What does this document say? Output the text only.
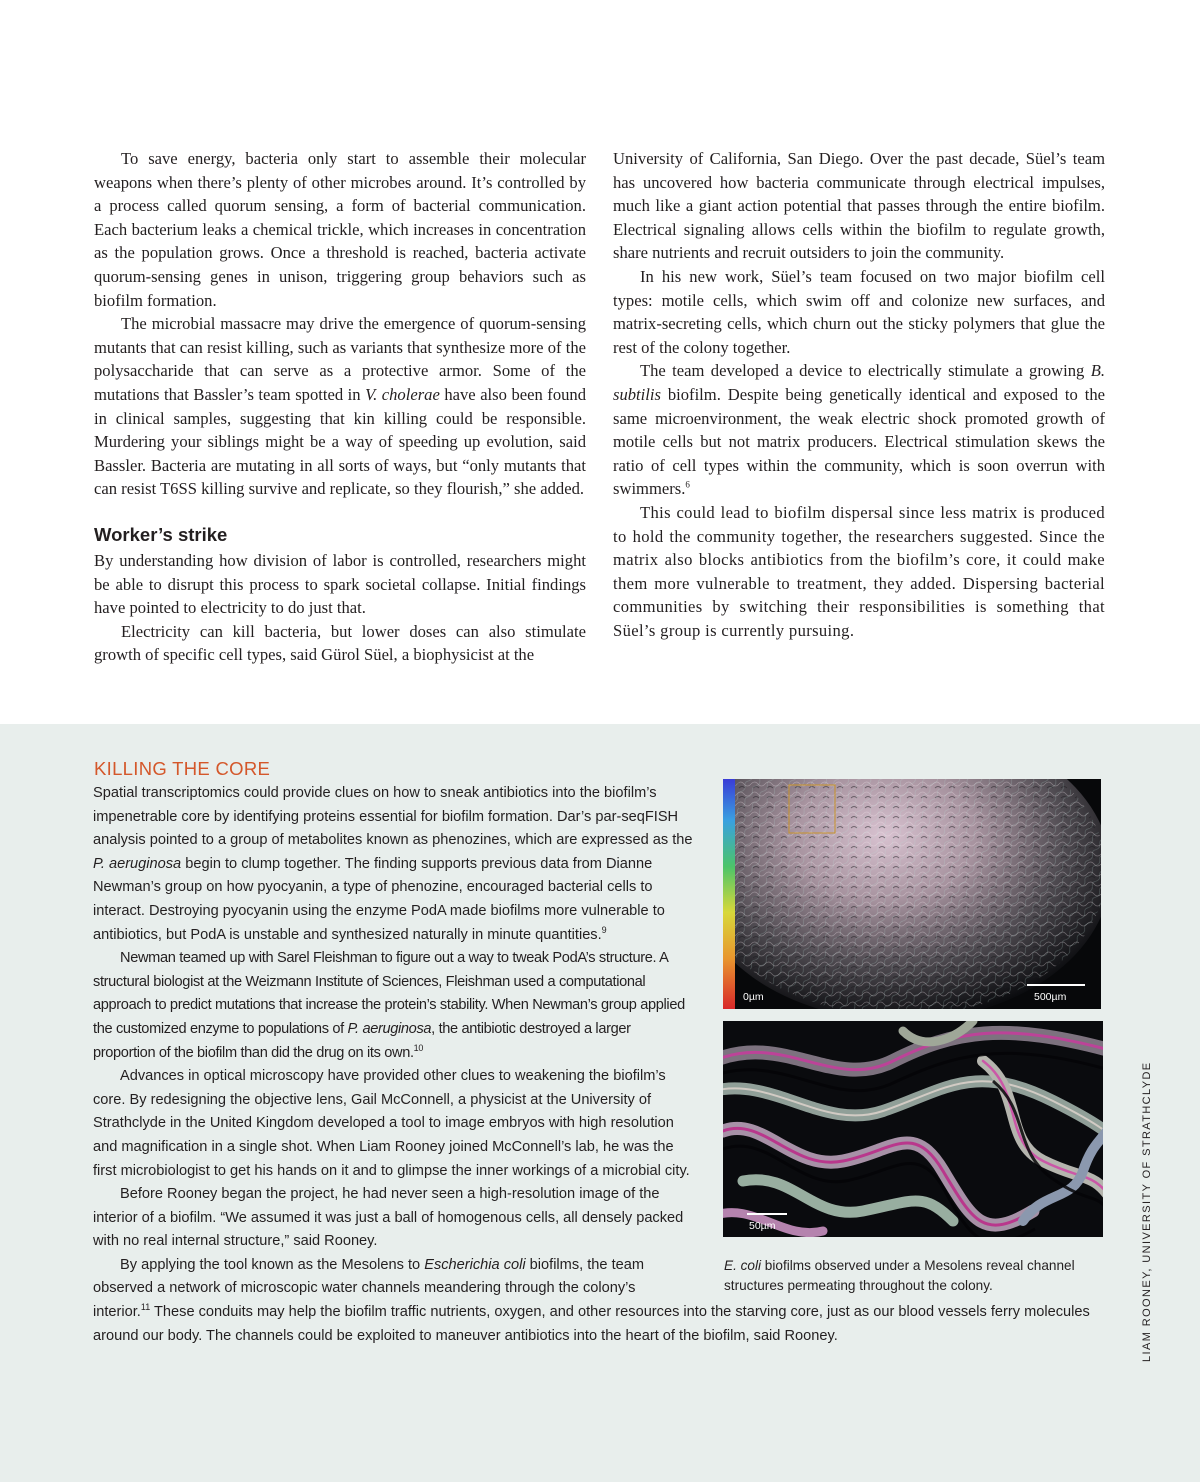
To save energy, bacteria only start to assemble their molecular weapons when there’s plenty of other microbes around. It’s controlled by a process called quorum sensing, a form of bacterial communication. Each bacterium leaks a chemical trickle, which increases in concentration as the population grows. Once a threshold is reached, bacteria activate quorum-sensing genes in unison, triggering group behaviors such as biofilm formation.

The microbial massacre may drive the emergence of quorum-sensing mutants that can resist killing, such as variants that synthesize more of the polysaccharide that can serve as a protective armor. Some of the mutations that Bassler’s team spotted in V. cholerae have also been found in clinical samples, suggesting that kin killing could be responsible. Murdering your siblings might be a way of speeding up evolution, said Bassler. Bacteria are mutating in all sorts of ways, but “only mutants that can resist T6SS killing survive and replicate, so they flourish,” she added.

Worker’s strike

By understanding how division of labor is controlled, researchers might be able to disrupt this process to spark societal collapse. Initial findings have pointed to electricity to do just that.

Electricity can kill bacteria, but lower doses can also stimulate growth of specific cell types, said Gürol Süel, a biophysicist at the

University of California, San Diego. Over the past decade, Süel’s team has uncovered how bacteria communicate through electrical impulses, much like a giant action potential that passes through the entire biofilm. Electrical signaling allows cells within the biofilm to regulate growth, share nutrients and recruit outsiders to join the community.

In his new work, Süel’s team focused on two major biofilm cell types: motile cells, which swim off and colonize new surfaces, and matrix-secreting cells, which churn out the sticky polymers that glue the rest of the colony together.

The team developed a device to electrically stimulate a growing B. subtilis biofilm. Despite being genetically identical and exposed to the same microenvironment, the weak electric shock promoted growth of motile cells but not matrix producers. Electrical stimulation skews the ratio of cell types within the community, which is soon overrun with swimmers.$^6$

This could lead to biofilm dispersal since less matrix is produced to hold the community together, the researchers suggested. Since the matrix also blocks antibiotics from the biofilm’s core, it could make them more vulnerable to treatment, they added. Dispersing bacterial communities by switching their responsibilities is something that Süel’s group is currently pursuing.

KILLING THE CORE

Spatial transcriptomics could provide clues on how to sneak antibiotics into the biofilm’s impenetrable core by identifying proteins essential for biofilm formation. Dar’s par-seqFISH analysis pointed to a group of metabolites known as phenozines, which are expressed as the P. aeruginosa begin to clump together. The finding supports previous data from Dianne Newman’s group on how pyocyanin, a type of phenozine, encouraged bacterial cells to interact. Destroying pyocyanin using the enzyme PodA made biofilms more vulnerable to antibiotics, but PodA is unstable and synthesized naturally in minute quantities.$^9$

Newman teamed up with Sarel Fleishman to figure out a way to tweak PodA’s structure. A structural biologist at the Weizmann Institute of Sciences, Fleishman used a computational approach to predict mutations that increase the protein’s stability. When Newman’s group applied the customized enzyme to populations of P. aeruginosa, the antibiotic destroyed a larger proportion of the biofilm than did the drug on its own.$^{10}$

Advances in optical microscopy have provided other clues to weakening the biofilm’s core. By redesigning the objective lens, Gail McConnell, a physicist at the University of Strathclyde in the United Kingdom developed a tool to image embryos with high resolution and magnification in a single shot. When Liam Rooney joined McConnell’s lab, he was the first microbiologist to get his hands on it and to glimpse the inner workings of a microbial city.

Before Rooney began the project, he had never seen a high-resolution image of the interior of a biofilm. “We assumed it was just a ball of homogenous cells, all densely packed with no real internal structure,” said Rooney.

By applying the tool known as the Mesolens to Escherichia coli biofilms, the team observed a network of microscopic water channels meandering through the colony’s interior.$^{11}$ These conduits may help the biofilm traffic nutrients, oxygen, and other resources into the starving core, just as our blood vessels ferry molecules around our body. The channels could be exploited to maneuver antibiotics into the heart of the biofilm, said Rooney.

0µm	500µm
50µm

E. coli biofilms observed under a Mesolens reveal channel structures permeating throughout the colony.	LIAM ROONEY, UNIVERSITY OF STRATHCLYDE
